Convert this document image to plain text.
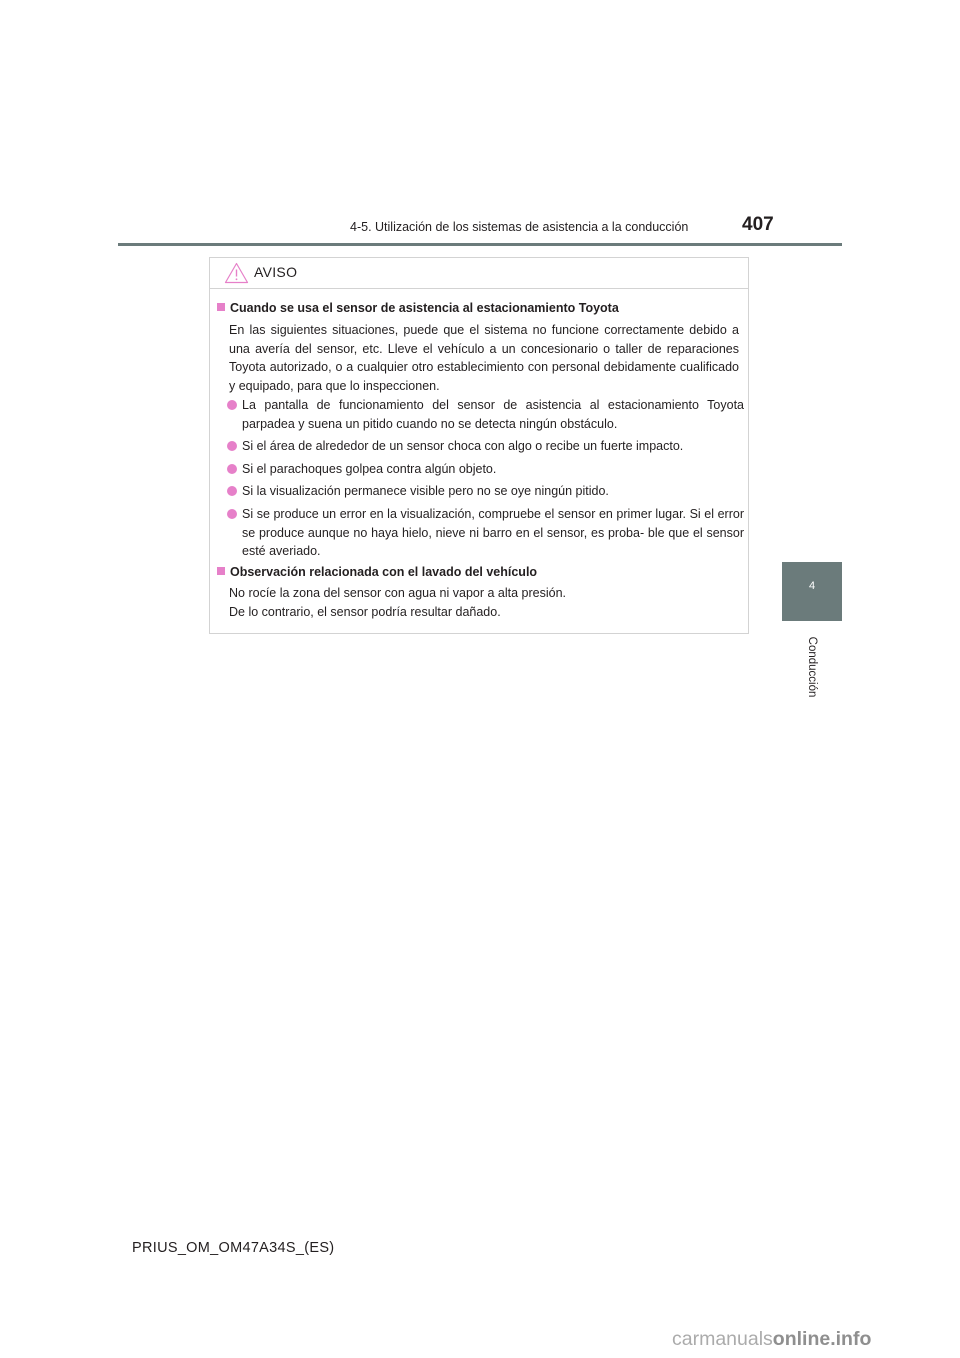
4-5. Utilización de los sistemas de asistencia a la conducción	407
4
Conducción
AVISO
Cuando se usa el sensor de asistencia al estacionamiento Toyota
En las siguientes situaciones, puede que el sistema no funcione correctamente debido a una avería del sensor, etc. Lleve el vehículo a un concesionario o taller de reparaciones Toyota autorizado, o a cualquier otro establecimiento con personal debidamente cualificado y equipado, para que lo inspeccionen.
La pantalla de funcionamiento del sensor de asistencia al estacionamiento Toyota parpadea y suena un pitido cuando no se detecta ningún obstáculo.
Si el área de alrededor de un sensor choca con algo o recibe un fuerte impacto.
Si el parachoques golpea contra algún objeto.
Si la visualización permanece visible pero no se oye ningún pitido.
Si se produce un error en la visualización, compruebe el sensor en primer lugar. Si el error se produce aunque no haya hielo, nieve ni barro en el sensor, es proba- ble que el sensor esté averiado.
Observación relacionada con el lavado del vehículo
No rocíe la zona del sensor con agua ni vapor a alta presión.
De lo contrario, el sensor podría resultar dañado.
PRIUS_OM_OM47A34S_(ES)
carmanualsonline.info
